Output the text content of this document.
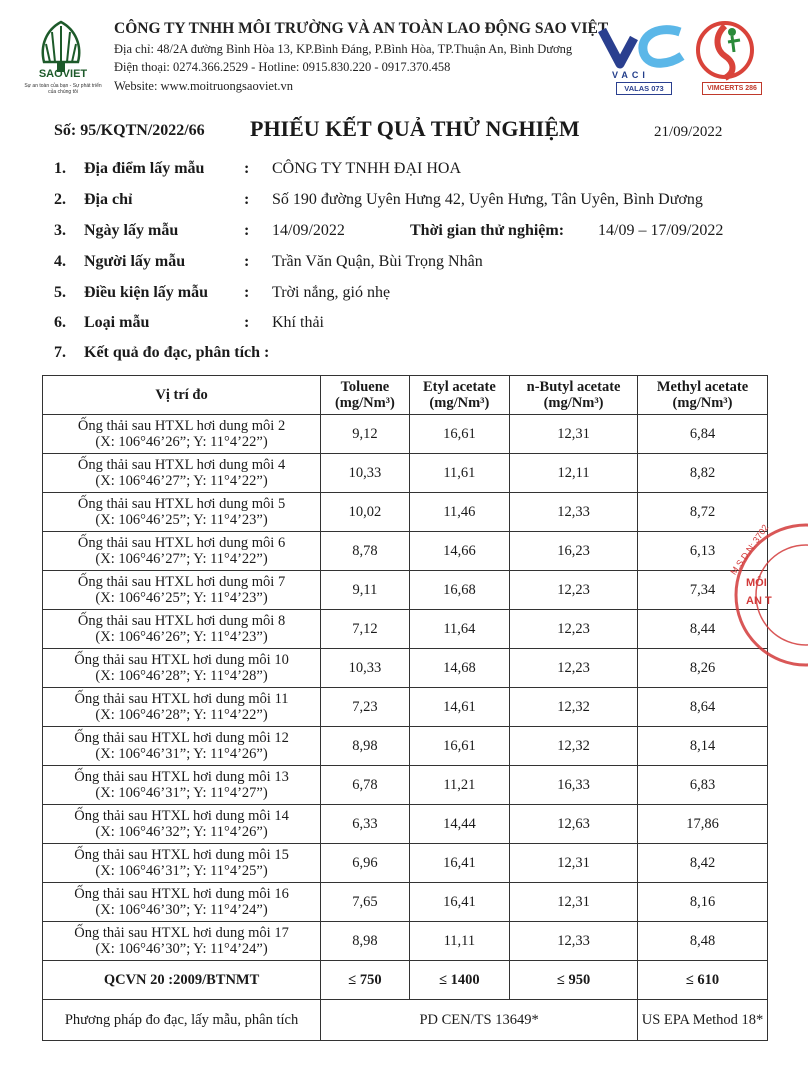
SAOVIET
Sự an toàn của bạn - Sự phát triển của chúng tôi
CÔNG TY TNHH MÔI TRƯỜNG VÀ AN TOÀN LAO ĐỘNG SAO VIỆT
Địa chỉ: 48/2A đường Bình Hòa 13, KP.Bình Đáng, P.Bình Hòa, TP.Thuận An, Bình Dương
Điện thoại: 0274.366.2529 - Hotline: 0915.830.220 - 0917.370.458
Website: www.moitruongsaoviet.vn
VACI
VALAS 073	VIMCERTS 286
Số: 95/KQTN/2022/66 PHIẾU KẾT QUẢ THỬ NGHIỆM	21/09/2022
1. Địa điểm lấy mẫu : CÔNG TY TNHH ĐẠI HOA
2. Địa chỉ	: Số 190 đường Uyên Hưng 42, Uyên Hưng, Tân Uyên, Bình Dương
3. Ngày lấy mẫu	: 14/09/2022	Thời gian thử nghiệm: 14/09 – 17/09/2022
4. Người lấy mẫu	: Trần Văn Quận, Bùi Trọng Nhân
5. Điều kiện lấy mẫu : Trời nắng, gió nhẹ
6. Loại mẫu	: Khí thải
7. Kết quả đo đạc, phân tích :
Vị trí đo	Toluene (mg/Nm³)	Etyl acetate (mg/Nm³)	n-Butyl acetate (mg/Nm³)	Methyl acetate (mg/Nm³)

Ống thải sau HTXL hơi dung môi 2
(X: 106°46’26”; Y: 11°4’22”)	9,12	16,61	12,31	6,84

Ống thải sau HTXL hơi dung môi 4
(X: 106°46’27”; Y: 11°4’22”)	10,33	11,61	12,11	8,82

Ống thải sau HTXL hơi dung môi 5
(X: 106°46’25”; Y: 11°4’23”)	10,02	11,46	12,33	8,72

Ống thải sau HTXL hơi dung môi 6
(X: 106°46’27”; Y: 11°4’22”)	8,78	14,66	16,23	6,13

Ống thải sau HTXL hơi dung môi 7
(X: 106°46’25”; Y: 11°4’23”)	9,11	16,68	12,23	7,34

Ống thải sau HTXL hơi dung môi 8
(X: 106°46’26”; Y: 11°4’23”)	7,12	11,64	12,23	8,44

Ống thải sau HTXL hơi dung môi 10
(X: 106°46’28”; Y: 11°4’28”)	10,33	14,68	12,23	8,26

Ống thải sau HTXL hơi dung môi 11
(X: 106°46’28”; Y: 11°4’22”)	7,23	14,61	12,32	8,64

Ống thải sau HTXL hơi dung môi 12
(X: 106°46’31”; Y: 11°4’26”)	8,98	16,61	12,32	8,14

Ống thải sau HTXL hơi dung môi 13
(X: 106°46’31”; Y: 11°4’27”)	6,78	11,21	16,33	6,83

Ống thải sau HTXL hơi dung môi 14
(X: 106°46’32”; Y: 11°4’26”)	6,33	14,44	12,63	17,86

Ống thải sau HTXL hơi dung môi 15
(X: 106°46’31”; Y: 11°4’25”)	6,96	16,41	12,31	8,42

Ống thải sau HTXL hơi dung môi 16
(X: 106°46’30”; Y: 11°4’24”)	7,65	16,41	12,31	8,16

Ống thải sau HTXL hơi dung môi 17
(X: 106°46’30”; Y: 11°4’24”)	8,98	11,11	12,33	8,48
QCVN 20 :2009/BTNMT	≤ 750	≤ 1400	≤ 950	≤ 610
Phương pháp đo đạc, lấy mẫu, phân tích	PD CEN/TS 13649*			US EPA Method 18*
MÔI
AN T
M.S.D.N: 3702
